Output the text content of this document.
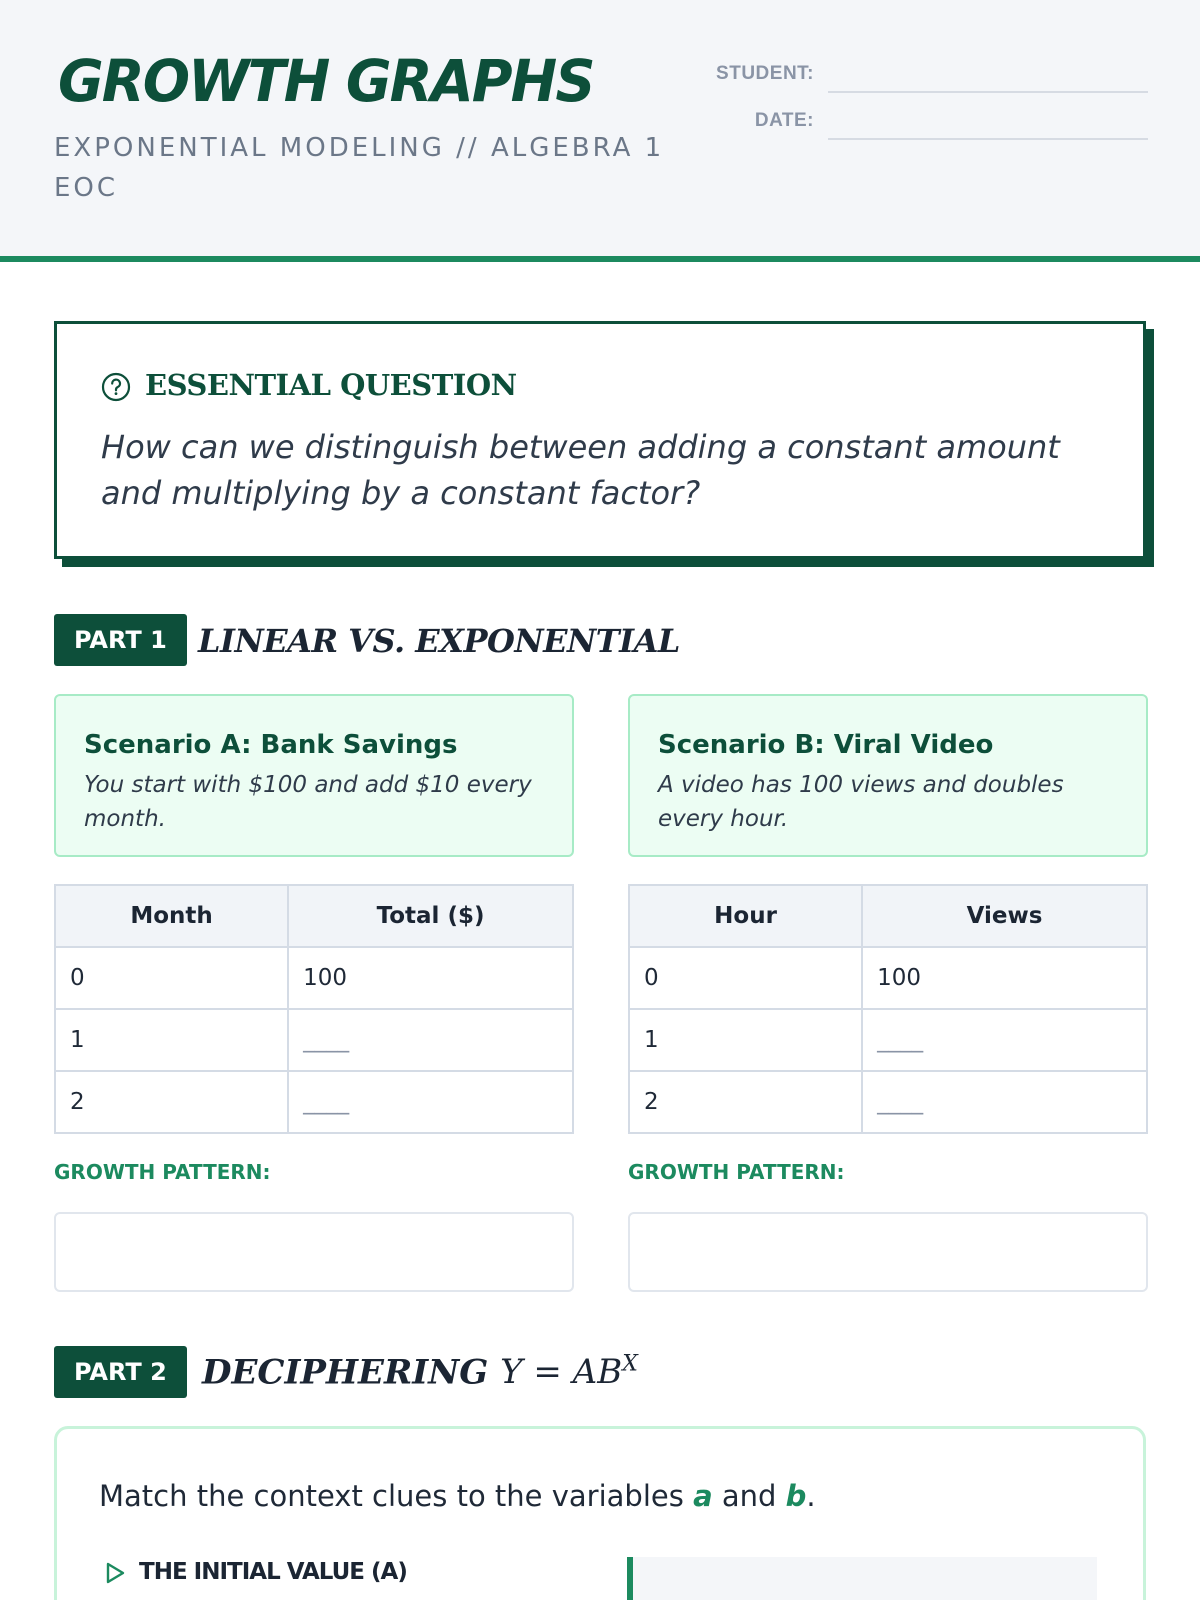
GROWTH GRAPHS
EXPONENTIAL MODELING // ALGEBRA 1 EOC
STUDENT:
DATE:
ESSENTIAL QUESTION
How can we distinguish between adding a constant amount and multiplying by a constant factor?
PART 1 LINEAR VS. EXPONENTIAL
Scenario A: Bank Savings
You start with $100 and add $10 every month.
Scenario B: Viral Video
A video has 100 views and doubles every hour.
Month	Total ($)
0	100
1	____
2	____
Hour	Views
0	100
1	____
2	____
GROWTH PATTERN:	GROWTH PATTERN:
PART 2	DECIPHERING $Y = AB^X$
Match the context clues to the variables a and b.
THE INITIAL VALUE (A)
